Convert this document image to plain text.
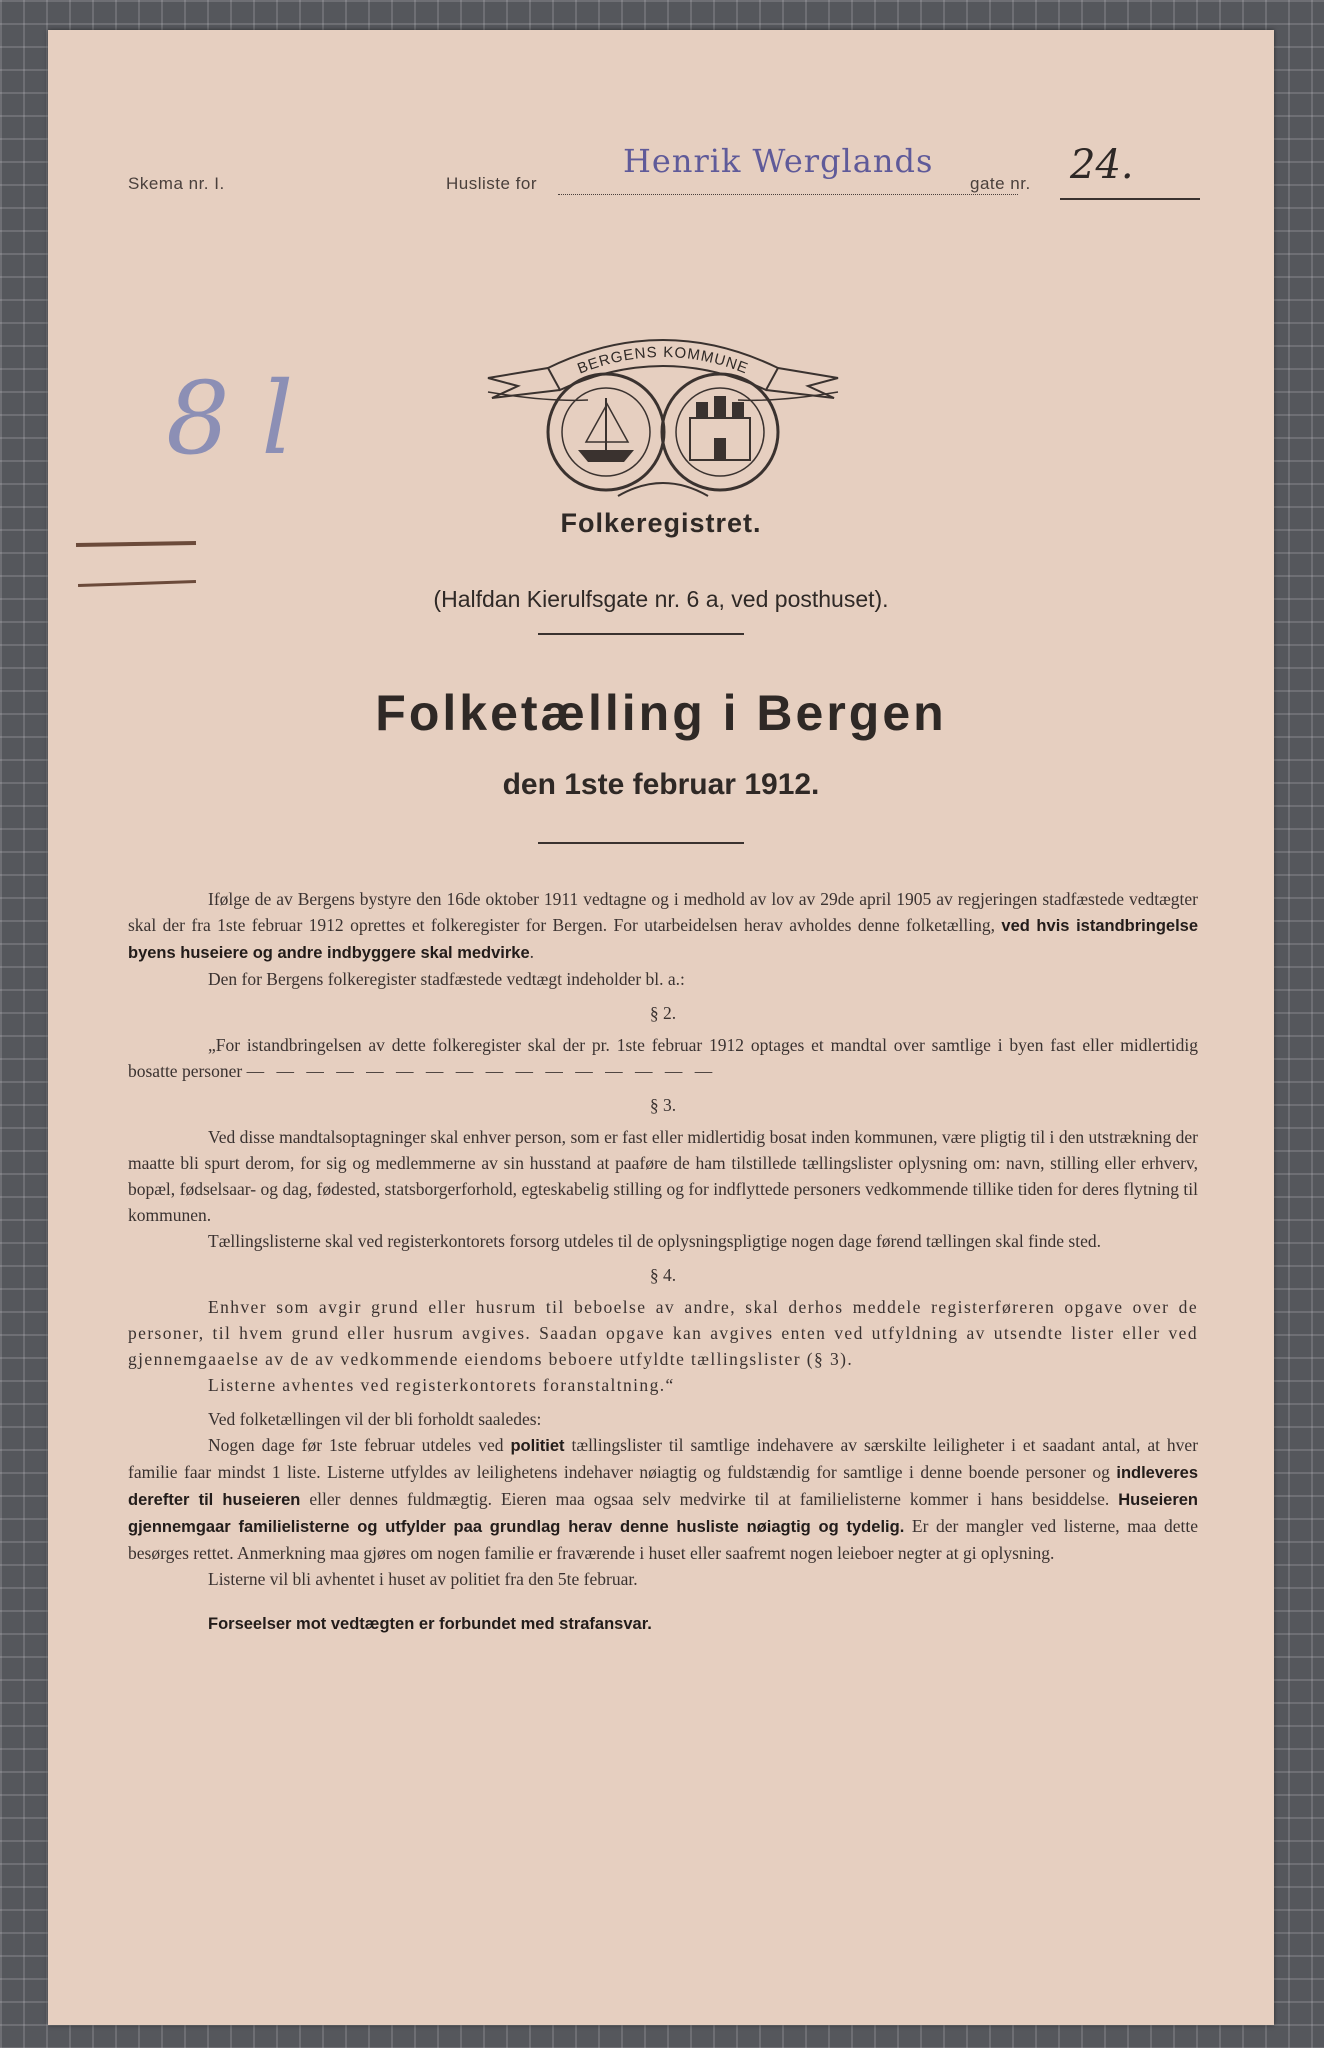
Skema nr. I.	Husliste for
Henrik Werglands
gate nr. 24.
8 l	BERGENS KOMMUNE
Folkeregistret.
(Halfdan Kierulfsgate nr. 6 a, ved posthuset).
Folketælling i Bergen
den 1ste februar 1912.

Ifølge de av Bergens bystyre den 16de oktober 1911 vedtagne og i medhold av lov av 29de april 1905 av regjeringen stadfæstede vedtægter skal der fra 1ste februar 1912 oprettes et folkeregister for Bergen. For utarbeidelsen herav avholdes denne folketælling, ved hvis istandbringelse byens huseiere og andre indbyggere skal medvirke.

Den for Bergens folkeregister stadfæstede vedtægt indeholder bl. a.:

§ 2.

„For istandbringelsen av dette folkeregister skal der pr. 1ste februar 1912 optages et mandtal over samtlige i byen fast eller midlertidig bosatte personer — — — — — — — — — — — — — — — —

§ 3.

Ved disse mandtalsoptagninger skal enhver person, som er fast eller midlertidig bosat inden kommunen, være pligtig til i den utstrækning der maatte bli spurt derom, for sig og medlemmerne av sin husstand at paaføre de ham tilstillede tællingslister oplysning om: navn, stilling eller erhverv, bopæl, fødselsaar- og dag, fødested, statsborgerforhold, egteskabelig stilling og for indflyttede personers vedkommende tillike tiden for deres flytning til kommunen.

Tællingslisterne skal ved registerkontorets forsorg utdeles til de oplysningspligtige nogen dage førend tællingen skal finde sted.

§ 4.

Enhver som avgir grund eller husrum til beboelse av andre, skal derhos meddele registerføreren opgave over de personer, til hvem grund eller husrum avgives. Saadan opgave kan avgives enten ved utfyldning av utsendte lister eller ved gjennemgaaelse av de av vedkommende eiendoms beboere utfyldte tællingslister (§ 3).

Listerne avhentes ved registerkontorets foranstaltning.“

Ved folketællingen vil der bli forholdt saaledes:

Nogen dage før 1ste februar utdeles ved politiet tællingslister til samtlige indehavere av særskilte leiligheter i et saadant antal, at hver familie faar mindst 1 liste. Listerne utfyldes av leilighetens indehaver nøiagtig og fuldstændig for samtlige i denne boende personer og indleveres derefter til huseieren eller dennes fuldmægtig. Eieren maa ogsaa selv medvirke til at familielisterne kommer i hans besiddelse. Huseieren gjennemgaar familielisterne og utfylder paa grundlag herav denne husliste nøiagtig og tydelig. Er der mangler ved listerne, maa dette besørges rettet. Anmerkning maa gjøres om nogen familie er fraværende i huset eller saafremt nogen leieboer negter at gi oplysning.

Listerne vil bli avhentet i huset av politiet fra den 5te februar.

Forseelser mot vedtægten er forbundet med strafansvar.
